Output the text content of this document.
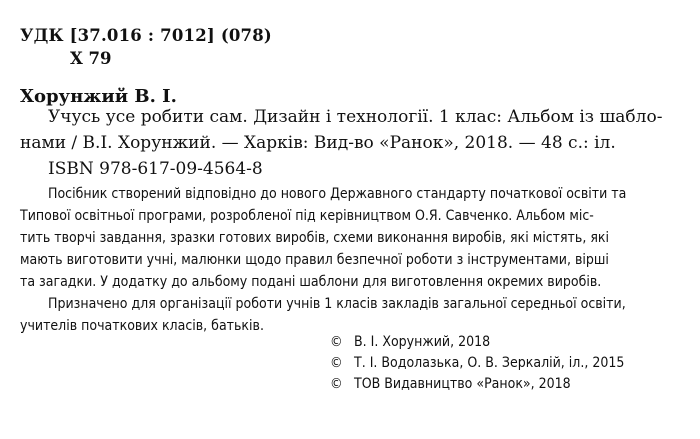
УДК [37.016 : 7012] (078)
Х 79
Хорунжий В. І.
Учусь усе робити сам. Дизайн і технології. 1 клас: Альбом із шабло-
нами / В.І. Хорунжий. — Харків: Вид-во «Ранок», 2018. — 48 с.: іл.
ISBN 978-617-09-4564-8
Посібник створений відповідно до нового Державного стандарту початкової освіти та
Типової освітньої програми, розробленої під керівництвом О.Я. Савченко. Альбом міс-
тить творчі завдання, зразки готових виробів, схеми виконання виробів, які містять, які
мають виготовити учні, малюнки щодо правил безпечної роботи з інструментами, вірші
та загадки. У додатку до альбому подані шаблони для виготовлення окремих виробів.
Призначено для організації роботи учнів 1 класів закладів загальної середньої освіти,
учителів початкових класів, батьків.
© В. І. Хорунжий, 2018
© Т. І. Водолазька, О. В. Зеркалій, іл., 2015
© ТОВ Видавництво «Ранок», 2018
